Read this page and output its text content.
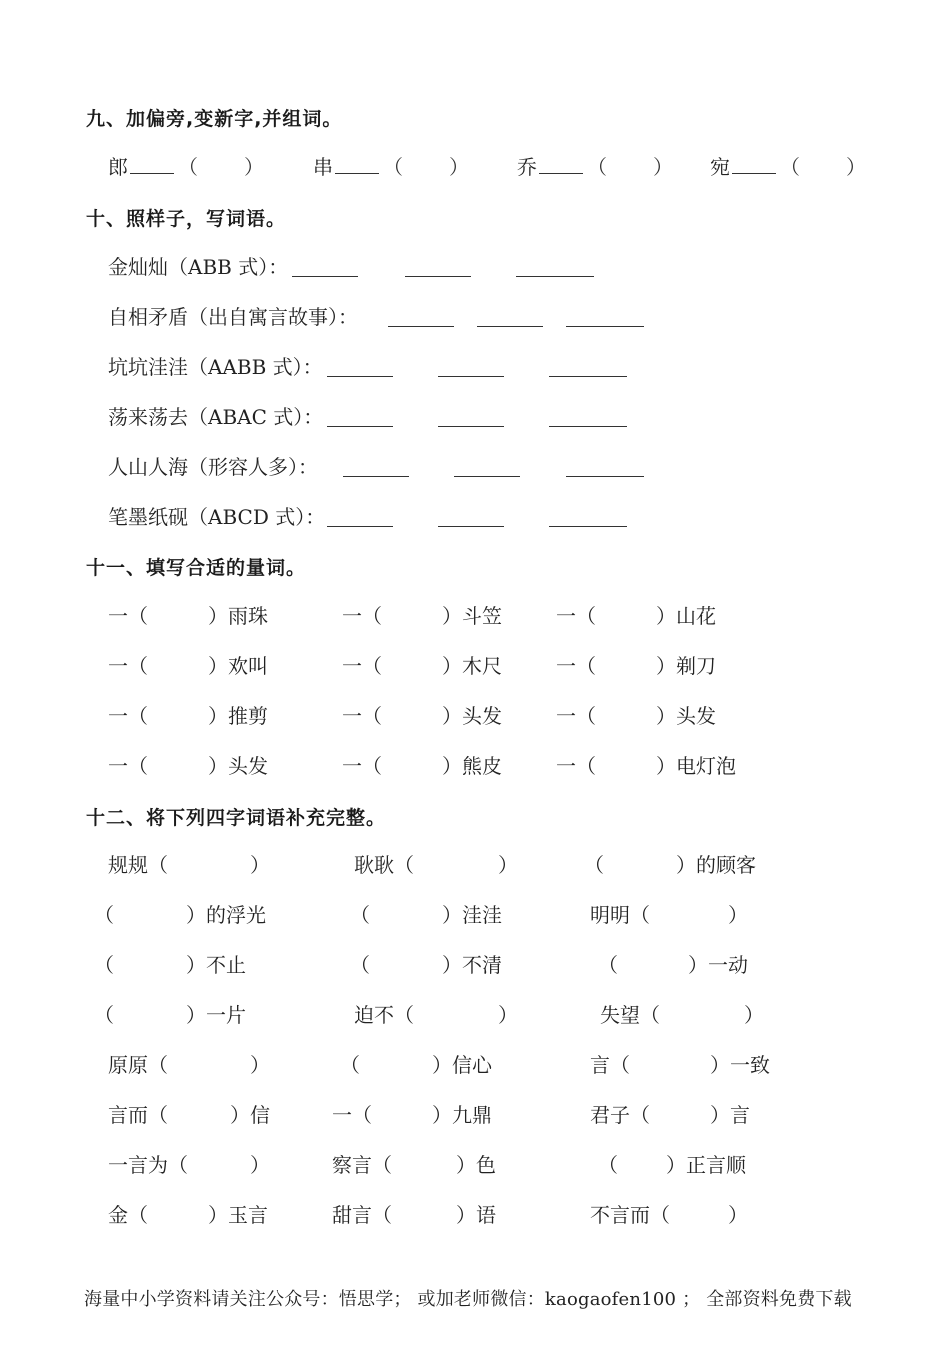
九、加偏旁,变新字,并组词。
郎	（ ） 串	（ ） 乔	（ ） 宛	（ ）
十、照样子，写词语。
金灿灿（ABB 式）：
自相矛盾（出自寓言故事）：
坑坑洼洼（AABB 式）：
荡来荡去（ABAC 式）：
人山人海（形容人多）：
笔墨纸砚（ABCD 式）：
十一、填写合适的量词。
一（	）雨珠	一（	）斗笠	一（	）山花
一（	）欢叫	一（	）木尺	一（	）剃刀
一（	）推剪	一（	）头发	一（	）头发
一（	）头发	一（	）熊皮	一（	）电灯泡
十二、将下列四字词语补充完整。
规规（	）	耿耿（	）	（	）的顾客
（	）的浮光	（	）洼洼	明明（	）
（	）不止	（	）不清	（	）一动
（	）一片	迫不（	）	失望（	）
原原（	）	（	）信心	言（	）一致
言而（	）信	一（	）九鼎	君子（	）言
一言为（	）	察言（	）色	（ ）正言顺
金（	）玉言	甜言（	）语	不言而（	）
海量中小学资料请关注公众号：悟思学； 或加老师微信：kaogaofen100 ； 全部资料免费下载
